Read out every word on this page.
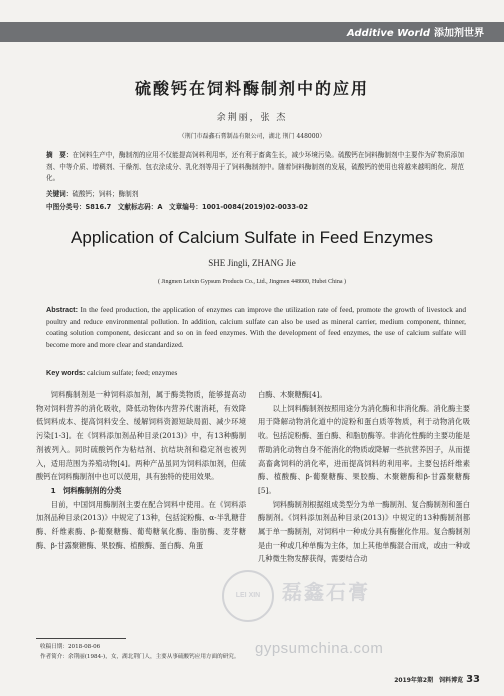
Additive World 添加剂世界
硫酸钙在饲料酶制剂中的应用
余荆丽，张 杰
（荆门市磊鑫石膏制品有限公司，湖北 荆门 448000）
摘　要：在饲料生产中，酶制剂的应用不仅能提高饲料利用率，还有利于畜禽生长，减少环境污染。硫酸钙在饲料酶制剂中主要作为矿物质添加剂、中等介质、增稠剂、干燥剂、包衣涂成分、乳化剂等用于了饲料酶制剂中。随着饲料酶制剂的发展，硫酸钙的使用也将越来越明朗化、规范化。
关键词：硫酸钙；饲料；酶制剂
中图分类号：S816.7　文献标志码：A　文章编号：1001-0084(2019)02-0033-02
Application of Calcium Sulfate in Feed Enzymes
SHE Jingli, ZHANG Jie
( Jingmen Leixin Gypsum Products Co., Ltd., Jingmen 448000, Hubei China )
Abstract: In the feed production, the application of enzymes can improve the utilization rate of feed, promote the growth of livestock and poultry and reduce environmental pollution. In addition, calcium sulfate can also be used as mineral carrier, medium component, thinner, coating solution component, desiccant and so on in feed enzymes. With the development of feed enzymes, the use of calcium sulfate will become more and more clear and standardized.
Key words: calcium sulfate; feed; enzymes

饲料酶制剂是一种饲料添加剂，属于酶类物质，能够提高动物对饲料营养的消化吸收，降低动物体内营养代谢消耗，有效降低饲料成本、提高饲料安全、缓解饲料资源短缺局面、减少环境污染[1-3]。在《饲料添加剂品种目录(2013)》中，有13种酶制剂被列入。同时硫酸钙作为粘结剂、抗结块剂和稳定剂也被列入，适用范围为养殖动物[4]。两种产品虽同为饲料添加剂，但硫酸钙在饲料酶制剂中也可以使用，具有独特的使用效果。

1　饲料酶制剂的分类

目前，中国饲用酶制剂主要在配合饲料中使用。在《饲料添加剂品种目录(2013)》中规定了13种，包括淀粉酶、α-半乳糖苷酶、纤维素酶、β-葡聚糖酶、葡萄糖氧化酶、脂肪酶、麦芽糖酶、β-甘露聚糖酶、果胶酶、植酸酶、蛋白酶、角蛋

白酶、木聚糖酶[4]。

以上饲料酶制剂按照用途分为消化酶和非消化酶。消化酶主要用于降解动物消化道中的淀粉和蛋白质等物质，利于动物消化吸收。包括淀粉酶、蛋白酶、和脂肪酶等。非消化性酶的主要功能是帮助消化动物自身不能消化的物质或降解一些抗营养因子，从而提高畜禽饲料的消化率，进而提高饲料的利用率。主要包括纤维素酶、植酸酶、β-葡聚糖酶、果胶酶、木聚糖酶和β-甘露聚糖酶[5]。

饲料酶制剂根据组成类型分为单一酶制剂、复合酶制剂和蛋白酶制剂。《饲料添加剂品种目录(2013)》中规定的13种酶制剂都属于单一酶制剂，对饲料中一种成分具有酶催化作用。复合酶制剂是由一种或几种单酶为主体，加上其他单酶混合而成，或由一种或几种微生物发酵获得，需要结合动

LEI XIN	磊鑫石膏
gypsumchina.com
收稿日期：2018-08-06
作者简介：余荆丽(1984-)，女，湖北荆门人，主要从事硫酸钙应用方面的研究。
2019年第2期　饲料博览 33
